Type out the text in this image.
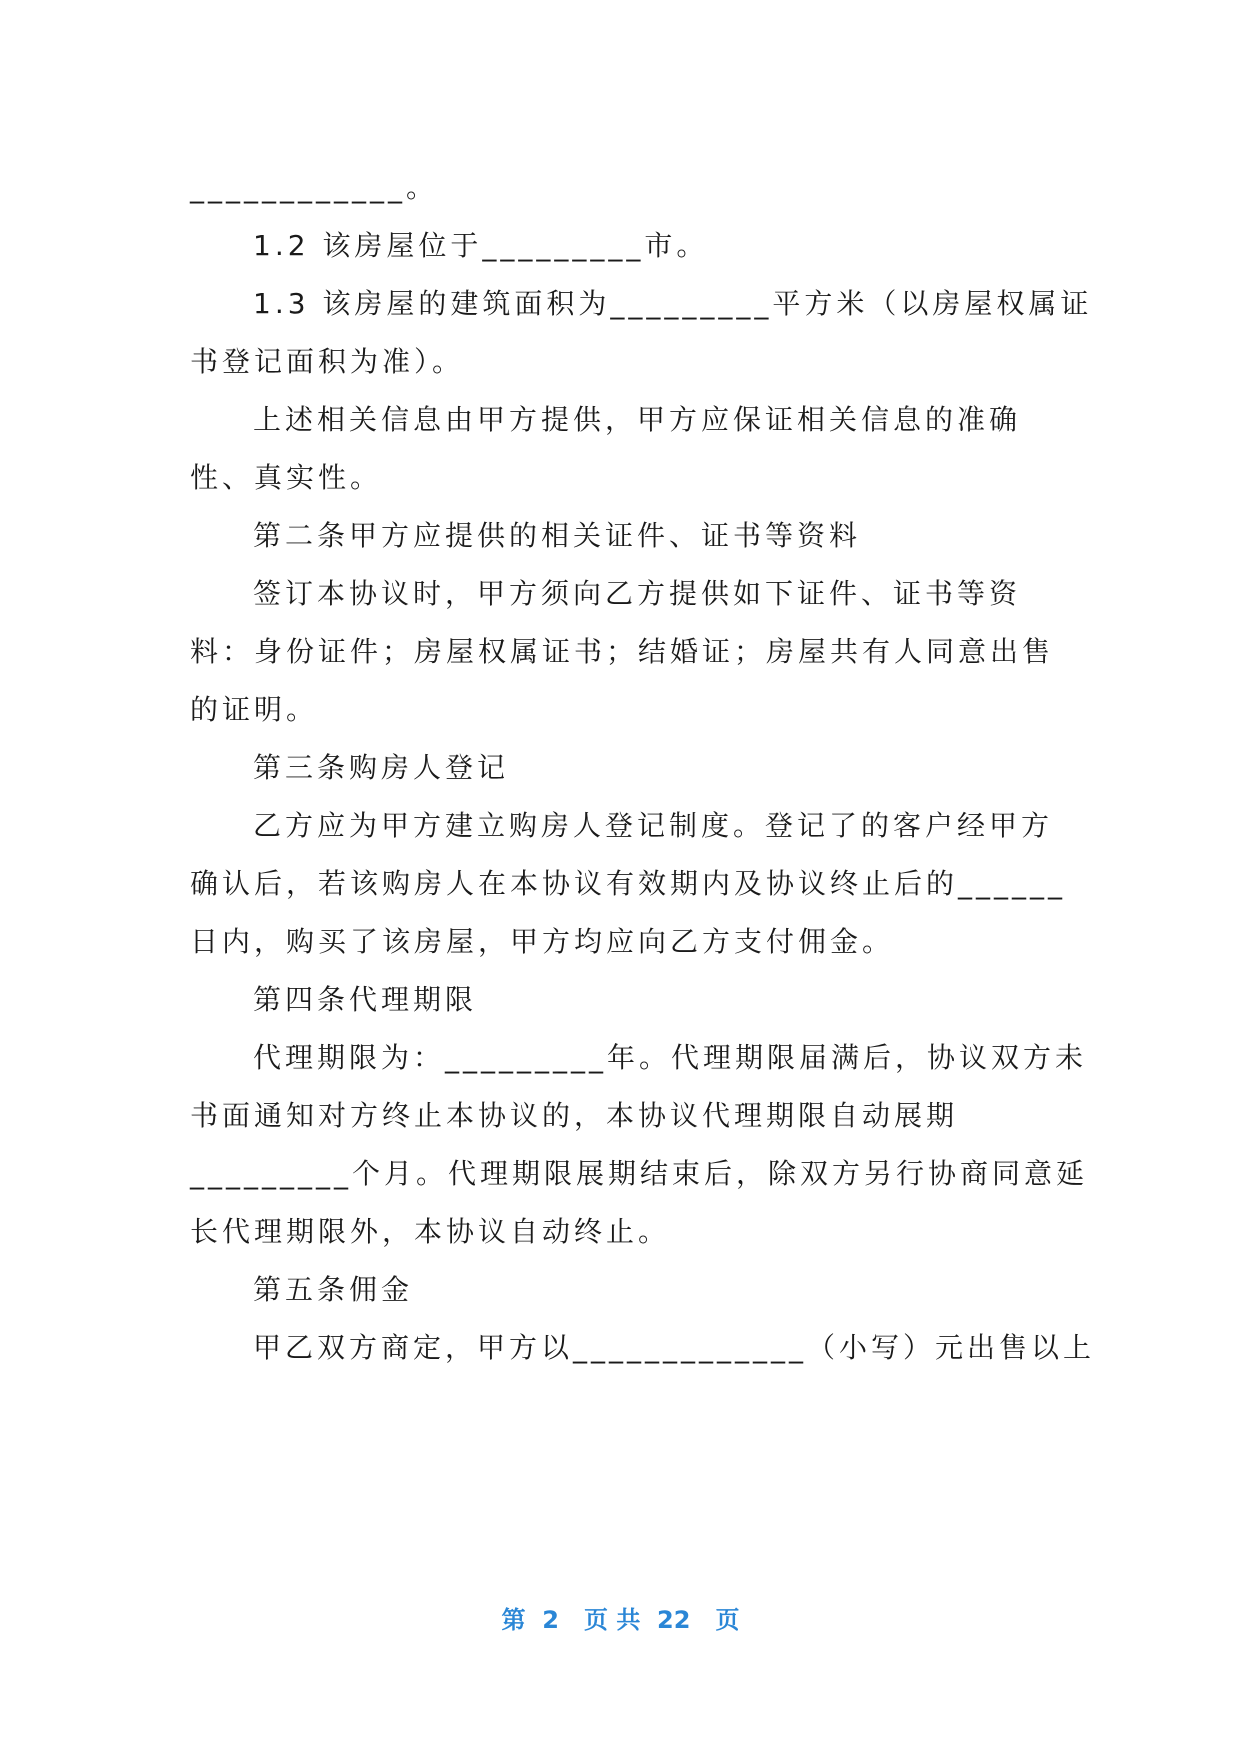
____________。
1.2 该房屋位于_________市。
1.3 该房屋的建筑面积为_________平方米（以房屋权属证
书登记面积为准）。
上述相关信息由甲方提供，甲方应保证相关信息的准确
性、真实性。
第二条甲方应提供的相关证件、证书等资料
签订本协议时，甲方须向乙方提供如下证件、证书等资
料：身份证件；房屋权属证书；结婚证；房屋共有人同意出售
的证明。
第三条购房人登记
乙方应为甲方建立购房人登记制度。登记了的客户经甲方
确认后，若该购房人在本协议有效期内及协议终止后的______
日内，购买了该房屋，甲方均应向乙方支付佣金。
第四条代理期限
代理期限为：_________年。代理期限届满后，协议双方未
书面通知对方终止本协议的，本协议代理期限自动展期
_________个月。代理期限展期结束后，除双方另行协商同意延
长代理期限外，本协议自动终止。
第五条佣金
甲乙双方商定，甲方以_____________（小写）元出售以上
第  2   页 共  22   页
